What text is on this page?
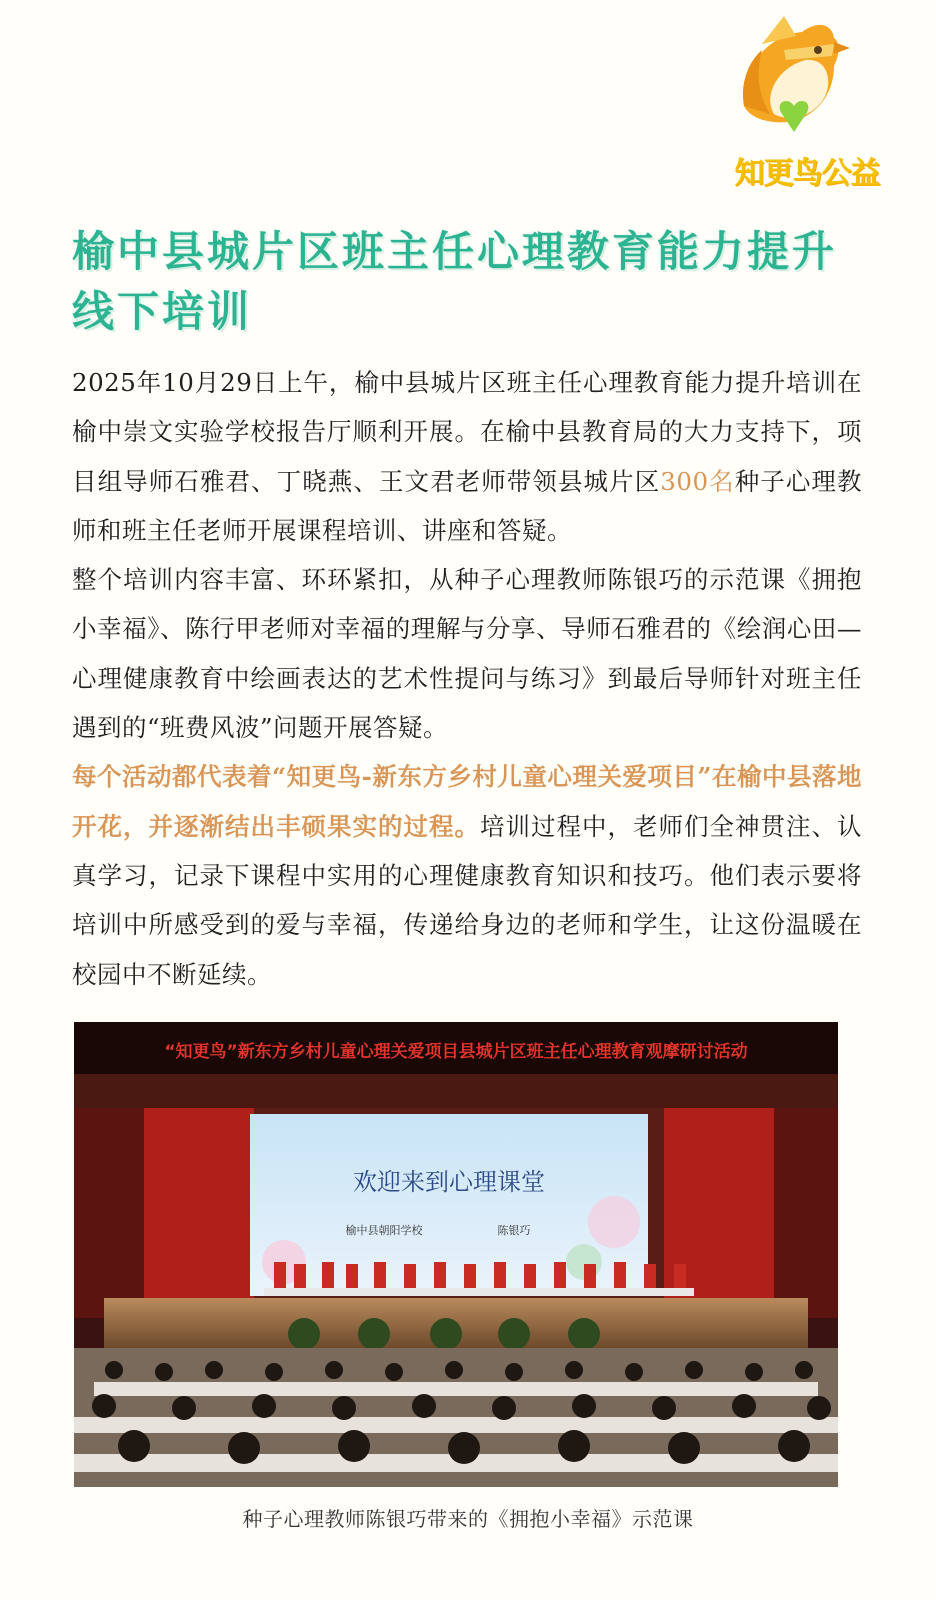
知更鸟公益
榆中县城片区班主任心理教育能力提升线下培训

2025年10月29日上午，榆中县城片区班主任心理教育能力提升培训在榆中崇文实验学校报告厅顺利开展。在榆中县教育局的大力支持下，项目组导师石雅君、丁晓燕、王文君老师带领县城片区300名种子心理教师和班主任老师开展课程培训、讲座和答疑。

整个培训内容丰富、环环紧扣，从种子心理教师陈银巧的示范课《拥抱小幸福》、陈行甲老师对幸福的理解与分享、导师石雅君的《绘润心田—心理健康教育中绘画表达的艺术性提问与练习》到最后导师针对班主任遇到的“班费风波”问题开展答疑。

每个活动都代表着“知更鸟-新东方乡村儿童心理关爱项目”在榆中县落地开花，并逐渐结出丰硕果实的过程。培训过程中，老师们全神贯注、认真学习，记录下课程中实用的心理健康教育知识和技巧。他们表示要将培训中所感受到的爱与幸福，传递给身边的老师和学生，让这份温暖在校园中不断延续。

“知更鸟”新东方乡村儿童心理关爱项目县城片区班主任心理教育观摩研讨活动
欢迎来到心理课堂
榆中县朝阳学校	陈银巧
种子心理教师陈银巧带来的《拥抱小幸福》示范课
